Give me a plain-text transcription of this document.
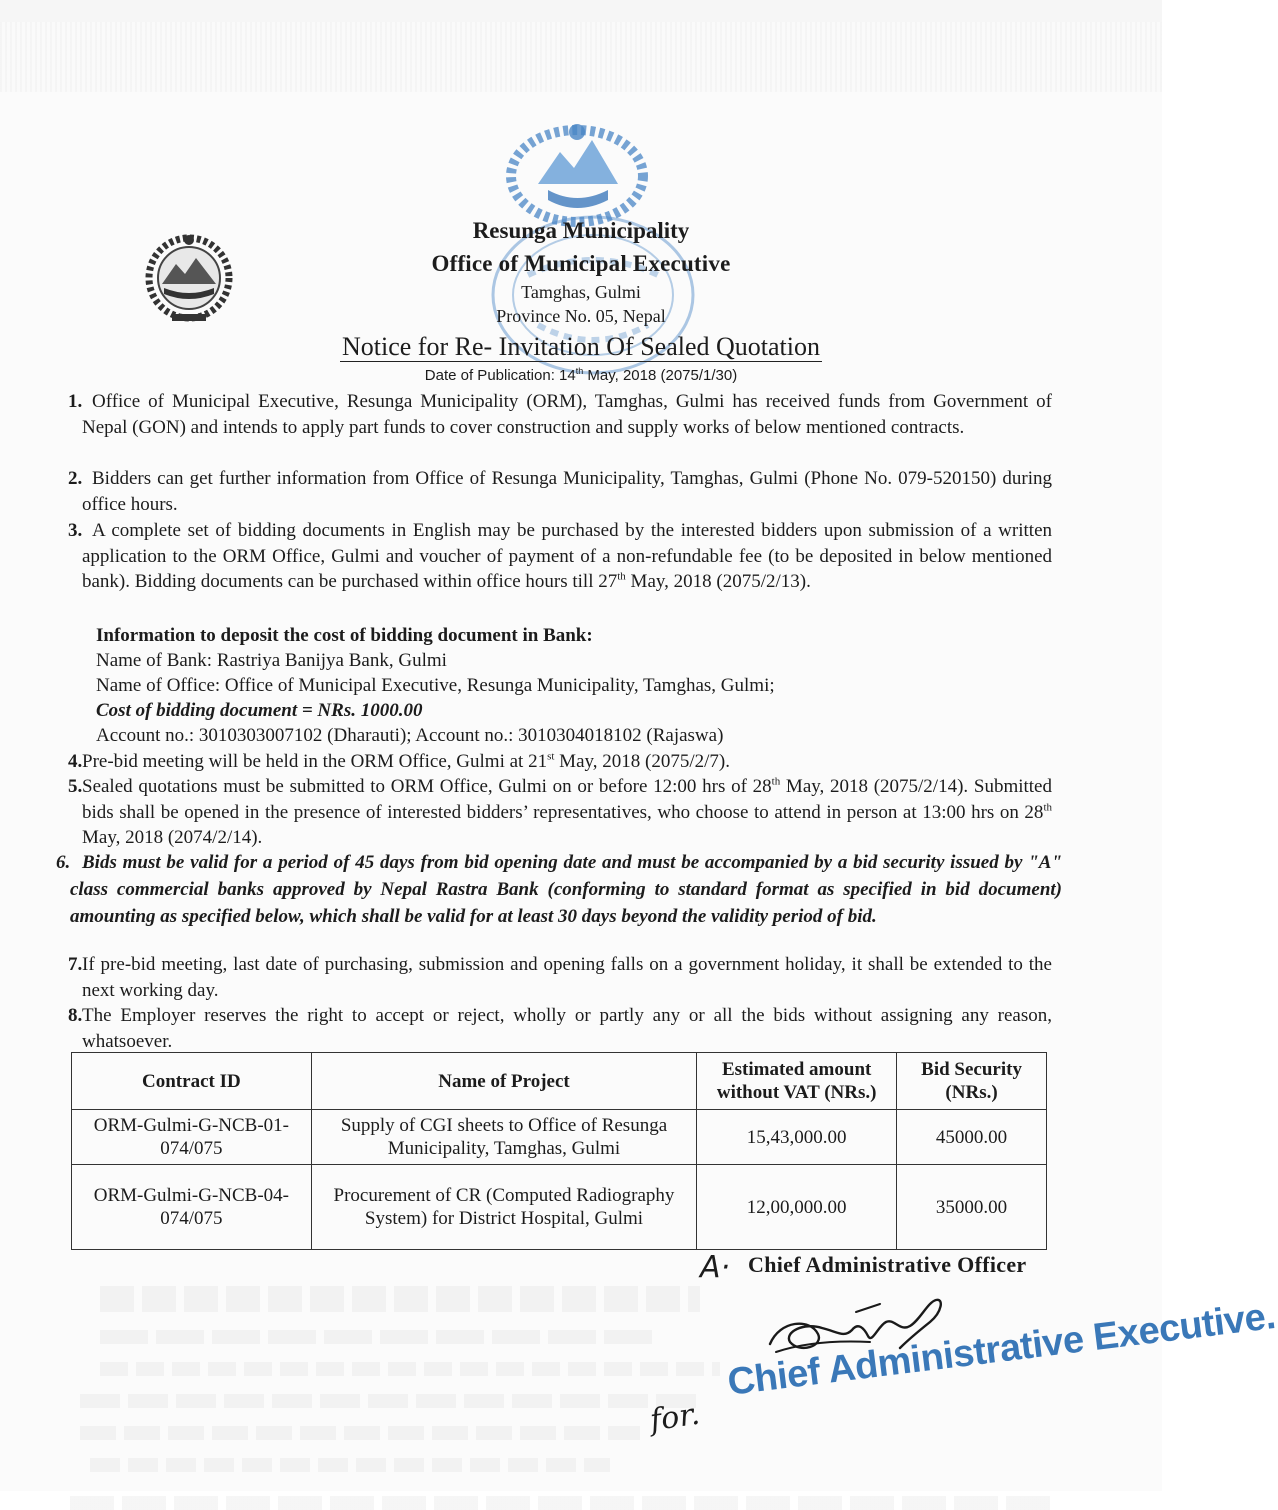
Resunga Municipality
Office of Municipal Executive
Tamghas, Gulmi
Province No. 05, Nepal
Notice for Re- Invitation Of Sealed Quotation
Date of Publication: 14th May, 2018 (2075/1/30)
1. Office of Municipal Executive, Resunga Municipality (ORM), Tamghas, Gulmi has received funds from Government of Nepal (GON) and intends to apply part funds to cover construction and supply works of below mentioned contracts.

2. Bidders can get further information from Office of Resunga Municipality, Tamghas, Gulmi (Phone No. 079-520150) during office hours.

3. A complete set of bidding documents in English may be purchased by the interested bidders upon submission of a written application to the ORM Office, Gulmi and voucher of payment of a non-refundable fee (to be deposited in below mentioned bank). Bidding documents can be purchased within office hours till 27th May, 2018 (2075/2/13).

Information to deposit the cost of bidding document in Bank:
Name of Bank: Rastriya Banijya Bank, Gulmi
Name of Office: Office of Municipal Executive, Resunga Municipality, Tamghas, Gulmi;
Cost of bidding document = NRs. 1000.00
Account no.: 3010303007102 (Dharauti); Account no.: 3010304018102 (Rajaswa)
4. Pre-bid meeting will be held in the ORM Office, Gulmi at 21st May, 2018 (2075/2/7).

5. Sealed quotations must be submitted to ORM Office, Gulmi on or before 12:00 hrs of 28th May, 2018 (2075/2/14). Submitted bids shall be opened in the presence of interested bidders’ representatives, who choose to attend in person at 13:00 hrs on 28th May, 2018 (2074/2/14).

6. Bids must be valid for a period of 45 days from bid opening date and must be accompanied by a bid security issued by "A" class commercial banks approved by Nepal Rastra Bank (conforming to standard format as specified in bid document) amounting as specified below, which shall be valid for at least 30 days beyond the validity period of bid.

7. If pre-bid meeting, last date of purchasing, submission and opening falls on a government holiday, it shall be extended to the next working day.

8. The Employer reserves the right to accept or reject, wholly or partly any or all the bids without assigning any reason, whatsoever.

Contract ID	Name of Project	Estimated amount without VAT (NRs.)	Bid Security (NRs.)
ORM-Gulmi-G-NCB-01-074/075	Supply of CGI sheets to Office of Resunga Municipality, Tamghas, Gulmi	15,43,000.00	45000.00
ORM-Gulmi-G-NCB-04-074/075	Procurement of CR (Computed Radiography System) for District Hospital, Gulmi	12,00,000.00	35000.00
A· Chief Administrative Officer
for.
Chief Administrative Executive.
